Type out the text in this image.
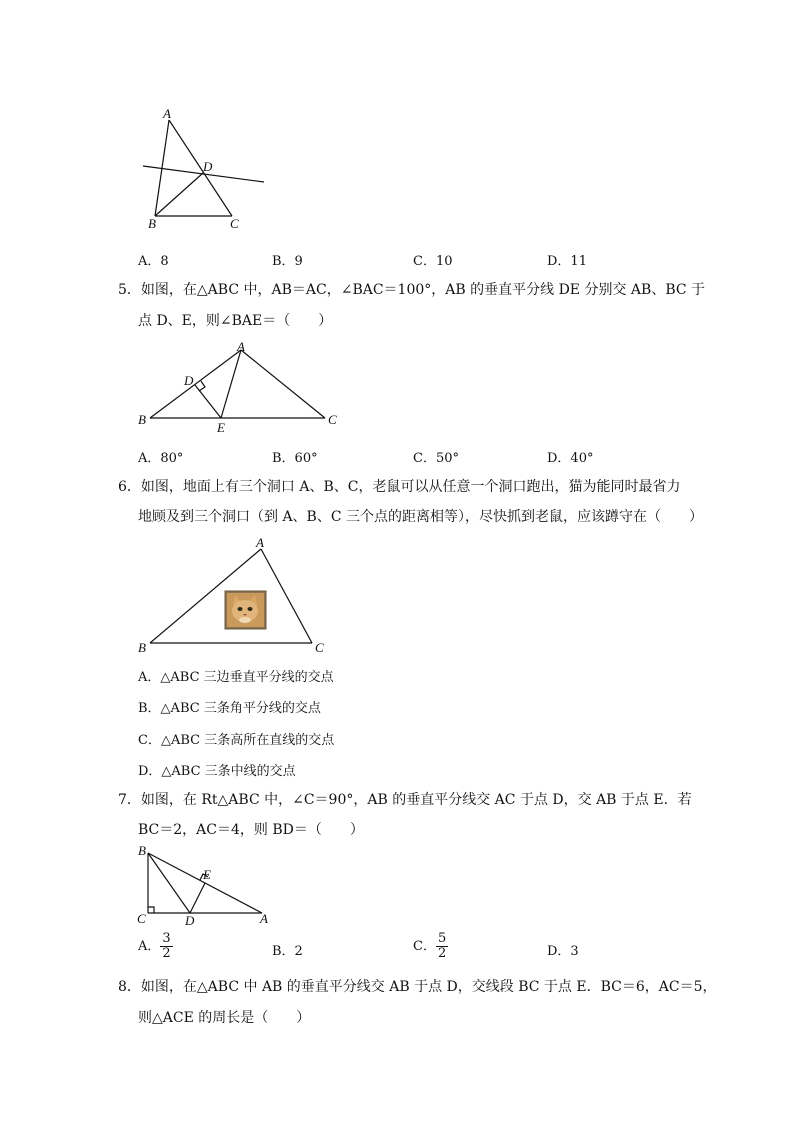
A
B	C
D
A．8	B．9	C．10	D．11
5．如图，在△ABC 中，AB＝AC，∠BAC＝100°，AB 的垂直平分线 DE 分别交 AB、BC 于
点 D、E，则∠BAE＝（　　）
A
B	C
D
E
A．80°	B．60°	C．50°	D．40°
6．如图，地面上有三个洞口 A、B、C，老鼠可以从任意一个洞口跑出，猫为能同时最省力
地顾及到三个洞口（到 A、B、C 三个点的距离相等），尽快抓到老鼠，应该蹲守在（　　）
A
B	C
A．△ABC 三边垂直平分线的交点
B．△ABC 三条角平分线的交点
C．△ABC 三条高所在直线的交点
D．△ABC 三条中线的交点
7．如图，在 Rt△ABC 中，∠C＝90°，AB 的垂直平分线交 AC 于点 D，交 AB 于点 E．若
BC＝2，AC＝4，则 BD＝（　　）
B
C	D
E
A
A． $\frac{3}{2}$	B．2	C． $\frac{5}{2}$	D．3
8．如图，在△ABC 中 AB 的垂直平分线交 AB 于点 D，交线段 BC 于点 E．BC＝6，AC＝5，
则△ACE 的周长是（　　）
